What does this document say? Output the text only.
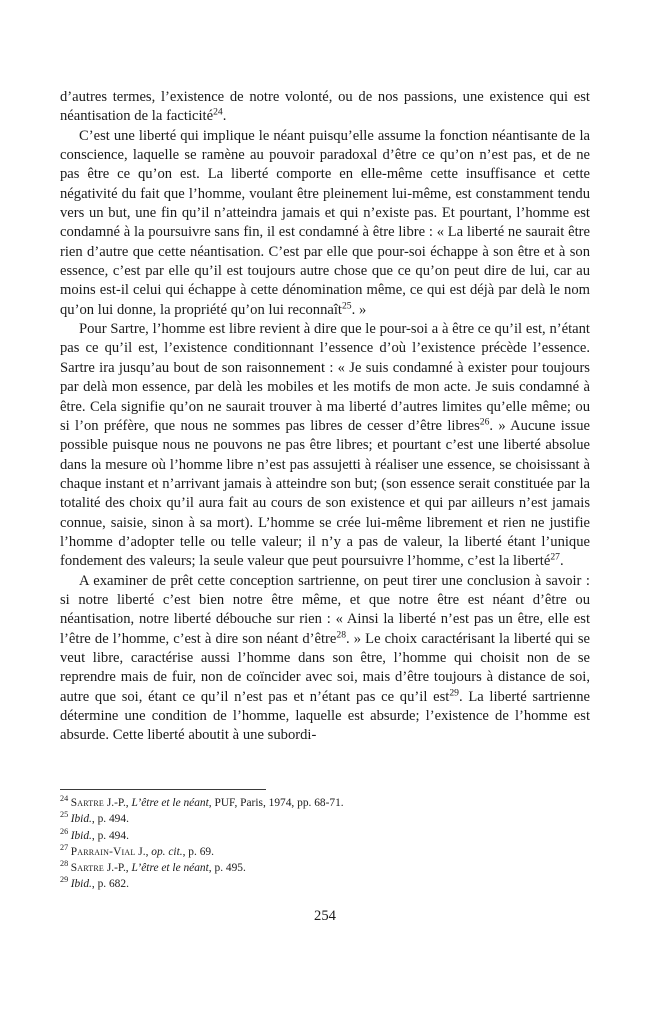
d’autres termes, l’existence de notre volonté, ou de nos passions, une existence qui est néantisation de la facticité$^{24}$.

C’est une liberté qui implique le néant puisqu’elle assume la fonction néantisante de la conscience, laquelle se ramène au pouvoir paradoxal d’être ce qu’on n’est pas, et de ne pas être ce qu’on est. La liberté comporte en elle-même cette insuffisance et cette négativité du fait que l’homme, voulant être pleinement lui-même, est constamment tendu vers un but, une fin qu’il n’atteindra jamais et qui n’existe pas. Et pourtant, l’homme est condamné à la poursuivre sans fin, il est condamné à être libre : « La liberté ne saurait être rien d’autre que cette néantisation. C’est par elle que pour-soi échappe à son être et à son essence, c’est par elle qu’il est toujours autre chose que ce qu’on peut dire de lui, car au moins est-il celui qui échappe à cette dénomination même, ce qui est déjà par delà le nom qu’on lui donne, la propriété qu’on lui reconnaît$^{25}$. »

Pour Sartre, l’homme est libre revient à dire que le pour-soi a à être ce qu’il est, n’étant pas ce qu’il est, l’existence conditionnant l’essence d’où l’existence précède l’essence. Sartre ira jusqu’au bout de son raisonnement : « Je suis condamné à exister pour toujours par delà mon essence, par delà les mobiles et les motifs de mon acte. Je suis condamné à être. Cela signifie qu’on ne saurait trouver à ma liberté d’autres limites qu’elle même; ou si l’on préfère, que nous ne sommes pas libres de cesser d’être libres$^{26}$. » Aucune issue possible puisque nous ne pouvons ne pas être libres; et pourtant c’est une liberté absolue dans la mesure où l’homme libre n’est pas assujetti à réaliser une essence, se choisissant à chaque instant et n’arrivant jamais à atteindre son but; (son essence serait constituée par la totalité des choix qu’il aura fait au cours de son existence et qui par ailleurs n’est jamais connue, saisie, sinon à sa mort). L’homme se crée lui-même librement et rien ne justifie l’homme d’adopter telle ou telle valeur; il n’y a pas de valeur, la liberté étant l’unique fondement des valeurs; la seule valeur que peut poursuivre l’homme, c’est la liberté$^{27}$.

A examiner de prêt cette conception sartrienne, on peut tirer une conclusion à savoir : si notre liberté c’est bien notre être même, et que notre être est néant d’être ou néantisation, notre liberté débouche sur rien : « Ainsi la liberté n’est pas un être, elle est l’être de l’homme, c’est à dire son néant d’être$^{28}$. » Le choix caractérisant la liberté qui se veut libre, caractérise aussi l’homme dans son être, l’homme qui choisit non de se reprendre mais de fuir, non de coïncider avec soi, mais d’être toujours à distance de soi, autre que soi, étant ce qu’il n’est pas et n’étant pas ce qu’il est$^{29}$. La liberté sartrienne détermine une condition de l’homme, laquelle est absurde; l’existence de l’homme est absurde. Cette liberté aboutit à une subordi-

$^{24}$ Sartre J.-P., L’être et le néant, PUF, Paris, 1974, pp. 68-71.

$^{25}$ Ibid., p. 494.

$^{26}$ Ibid., p. 494.

$^{27}$ Parrain-Vial J., op. cit., p. 69.

$^{28}$ Sartre J.-P., L’être et le néant, p. 495.

$^{29}$ Ibid., p. 682.

254
